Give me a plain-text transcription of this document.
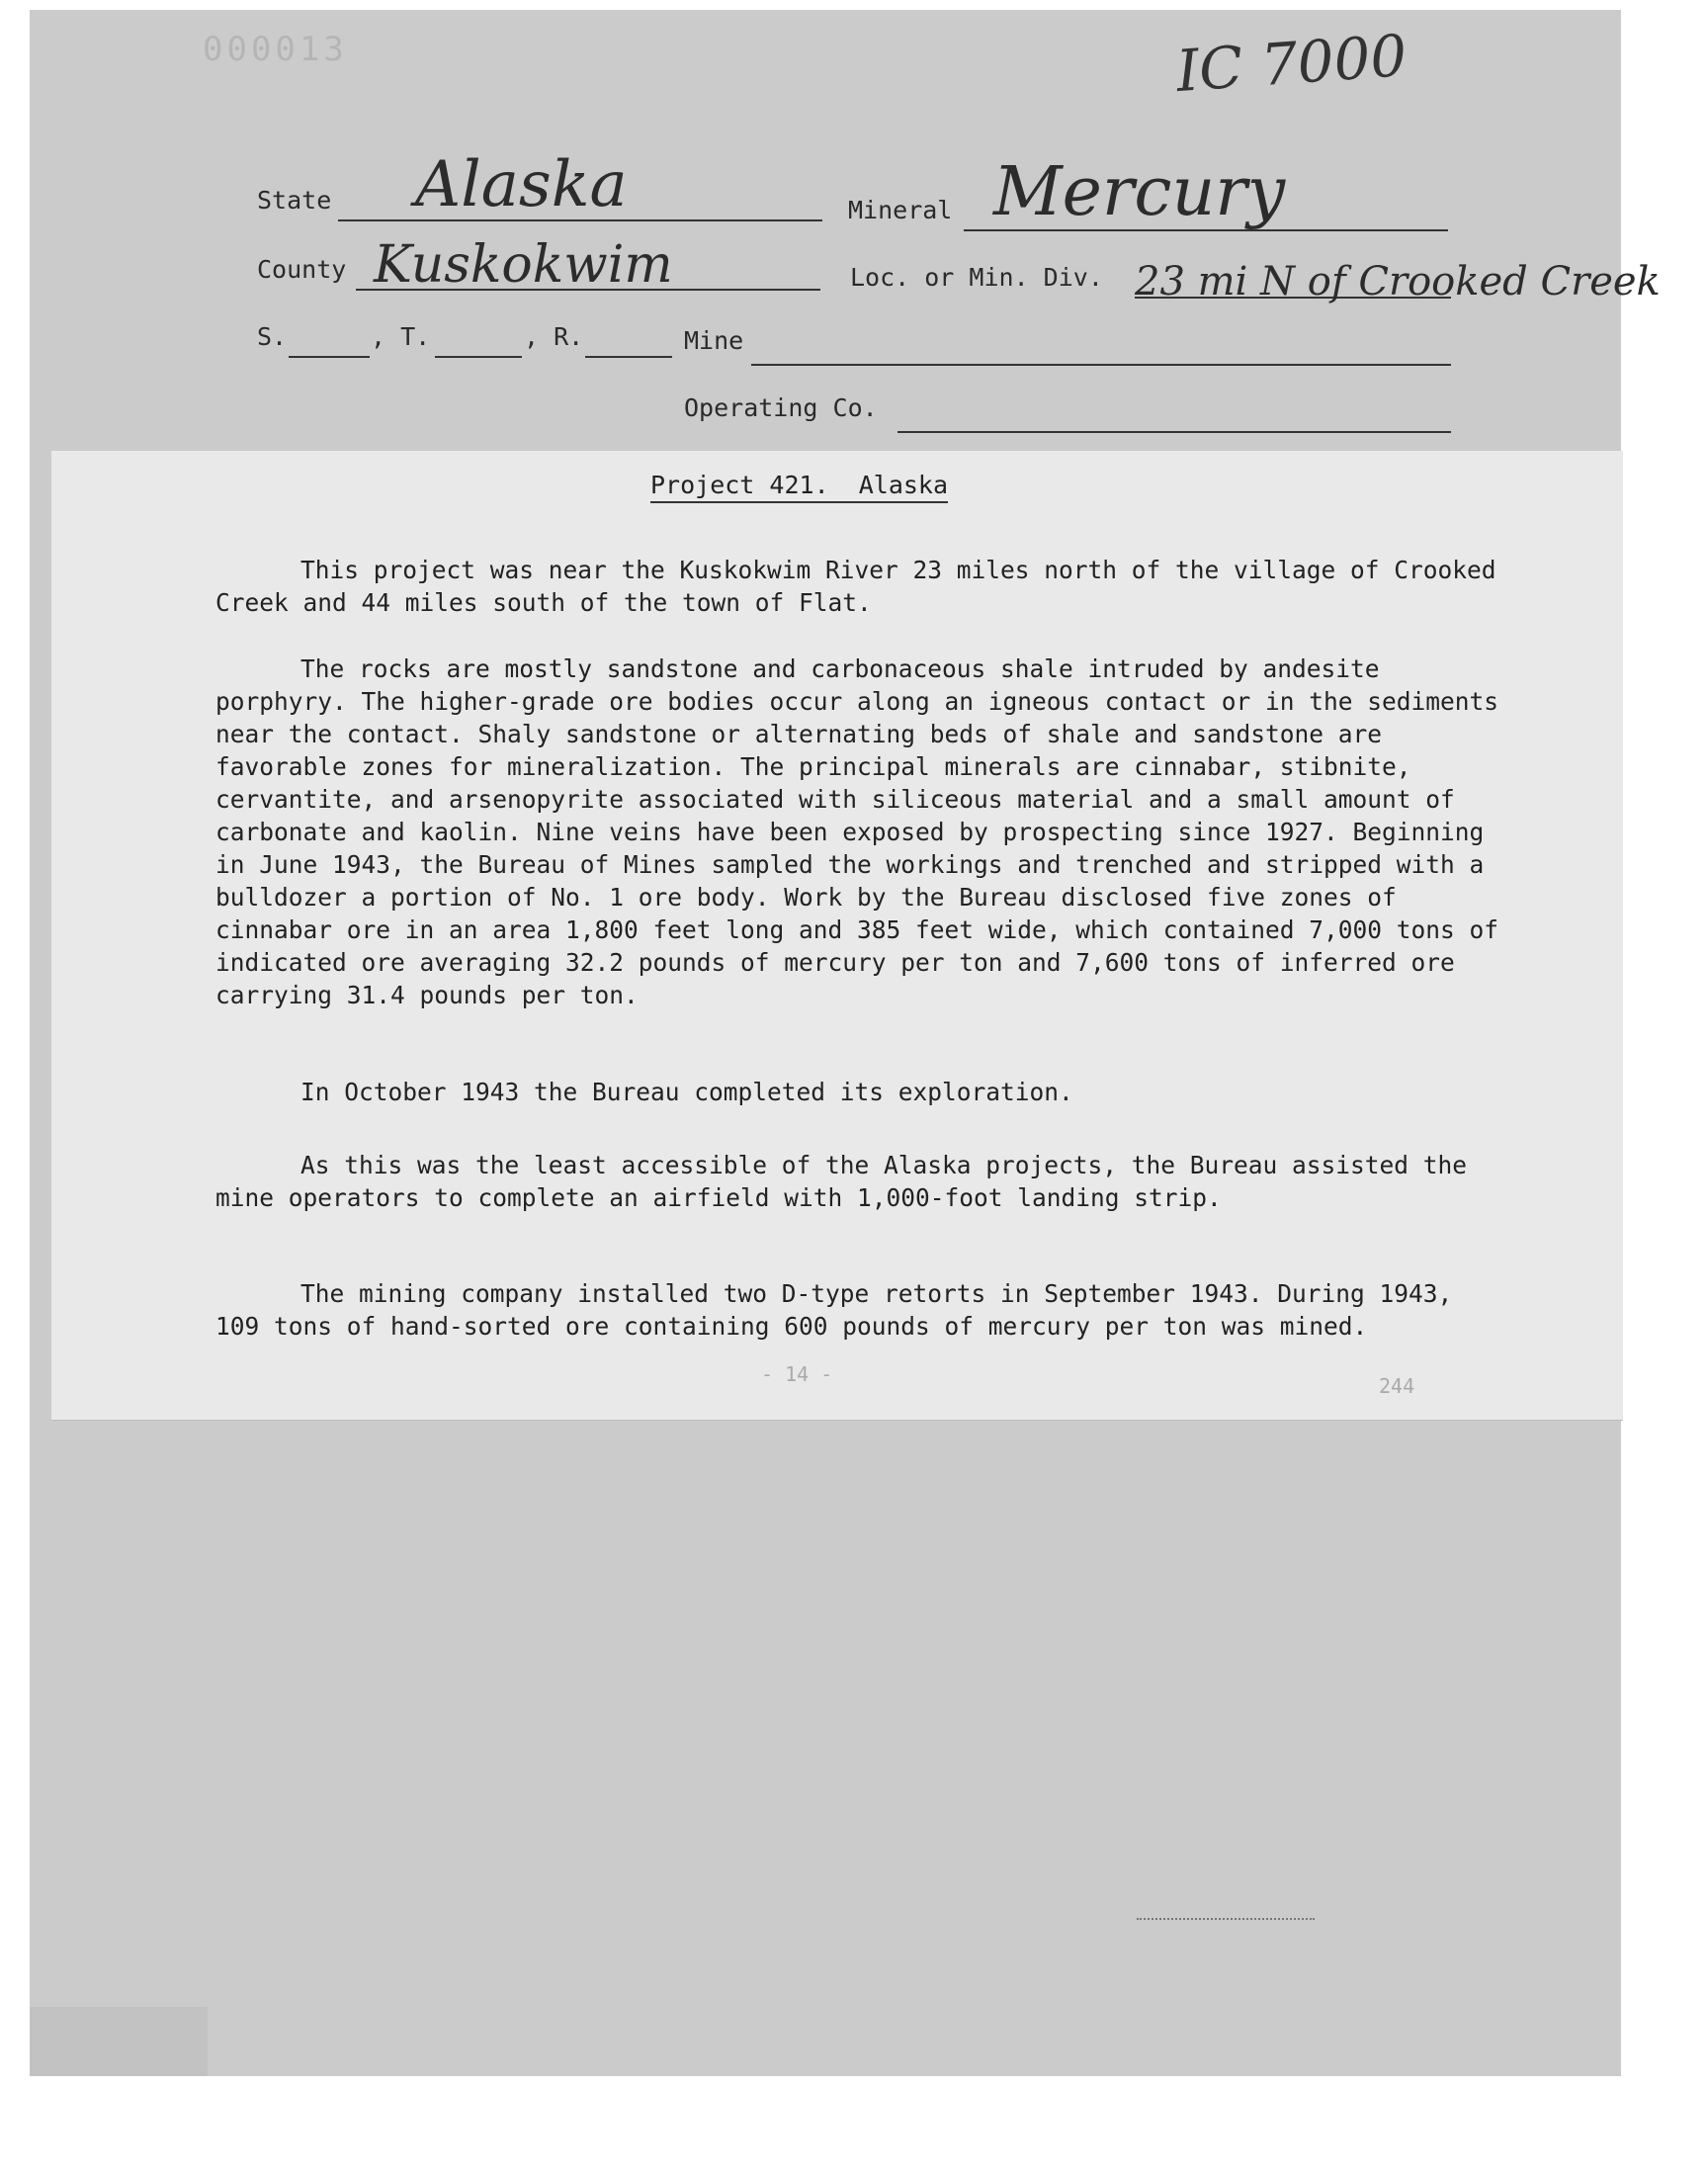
000013	IC 7000
State Alaska	Mineral Mercury
County Kuskokwim	Loc. or Min. Div. 23 mi N of Crooked Creek
S.	, T.	, R.	Mine
Operating Co.
Project 421.  Alaska

This project was near the Kuskokwim River 23 miles north of the village of Crooked Creek and 44 miles south of the town of Flat.

The rocks are mostly sandstone and carbonaceous shale intruded by andesite porphyry. The higher-grade ore bodies occur along an igneous contact or in the sediments near the contact. Shaly sandstone or alternating beds of shale and sandstone are favorable zones for mineralization. The principal minerals are cinnabar, stibnite, cervantite, and arsenopyrite associated with siliceous material and a small amount of carbonate and kaolin. Nine veins have been exposed by prospecting since 1927. Beginning in June 1943, the Bureau of Mines sampled the workings and trenched and stripped with a bulldozer a portion of No. 1 ore body. Work by the Bureau disclosed five zones of cinnabar ore in an area 1,800 feet long and 385 feet wide, which contained 7,000 tons of indicated ore averaging 32.2 pounds of mercury per ton and 7,600 tons of inferred ore carrying 31.4 pounds per ton.

In October 1943 the Bureau completed its exploration.

As this was the least accessible of the Alaska projects, the Bureau assisted the mine operators to complete an airfield with 1,000-foot landing strip.

The mining company installed two D-type retorts in September 1943. During 1943, 109 tons of hand-sorted ore containing 600 pounds of mercury per ton was mined.

- 14 -	244
